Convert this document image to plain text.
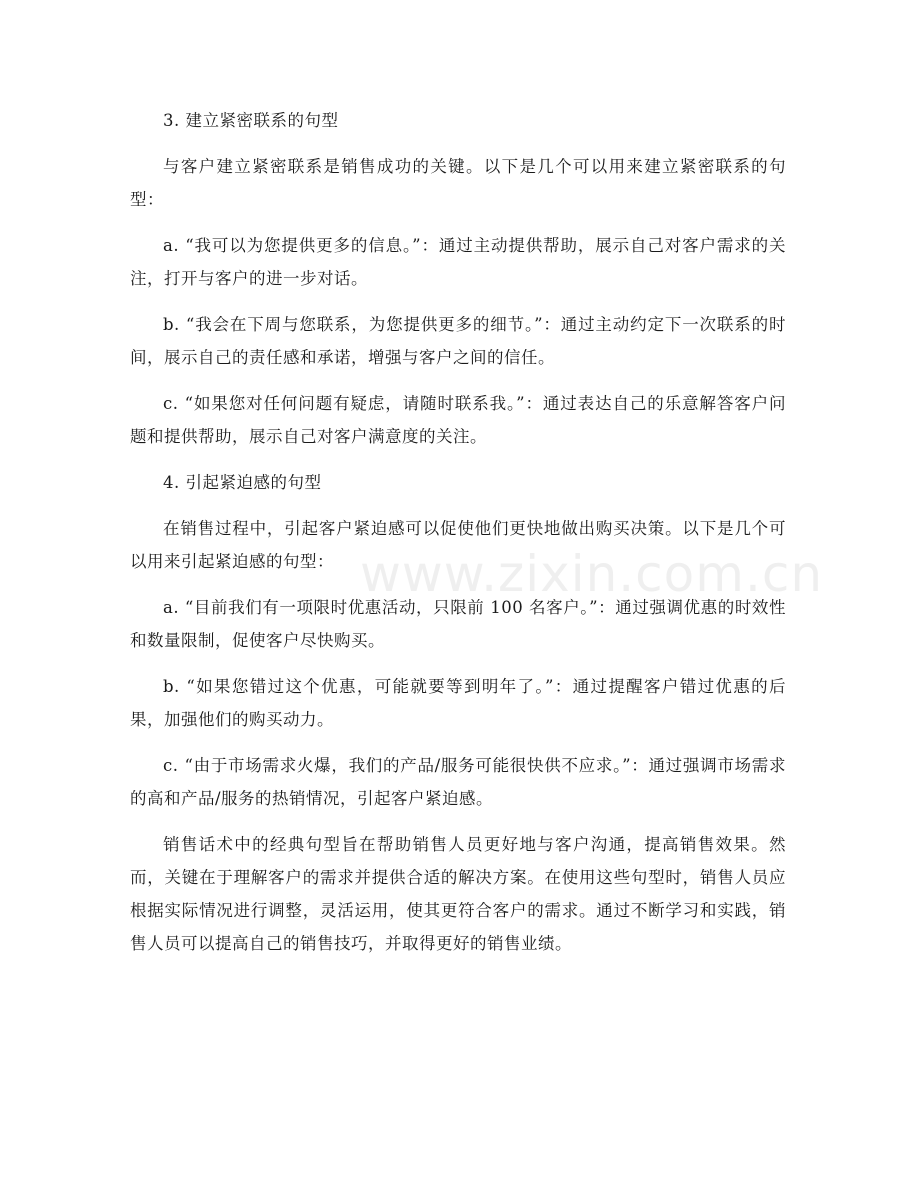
3. 建立紧密联系的句型

与客户建立紧密联系是销售成功的关键。以下是几个可以用来建立紧密联系的句型：

a. “我可以为您提供更多的信息。”：通过主动提供帮助，展示自己对客户需求的关注，打开与客户的进一步对话。

b. “我会在下周与您联系，为您提供更多的细节。”：通过主动约定下一次联系的时间，展示自己的责任感和承诺，增强与客户之间的信任。

c. “如果您对任何问题有疑虑，请随时联系我。”：通过表达自己的乐意解答客户问题和提供帮助，展示自己对客户满意度的关注。

4. 引起紧迫感的句型

在销售过程中，引起客户紧迫感可以促使他们更快地做出购买决策。以下是几个可以用来引起紧迫感的句型：

a. “目前我们有一项限时优惠活动，只限前 100 名客户。”：通过强调优惠的时效性和数量限制，促使客户尽快购买。

b. “如果您错过这个优惠，可能就要等到明年了。”：通过提醒客户错过优惠的后果，加强他们的购买动力。

c. “由于市场需求火爆，我们的产品/服务可能很快供不应求。”：通过强调市场需求的高和产品/服务的热销情况，引起客户紧迫感。

销售话术中的经典句型旨在帮助销售人员更好地与客户沟通，提高销售效果。然而，关键在于理解客户的需求并提供合适的解决方案。在使用这些句型时，销售人员应根据实际情况进行调整，灵活运用，使其更符合客户的需求。通过不断学习和实践，销售人员可以提高自己的销售技巧，并取得更好的销售业绩。

www.zixin.com.cn
